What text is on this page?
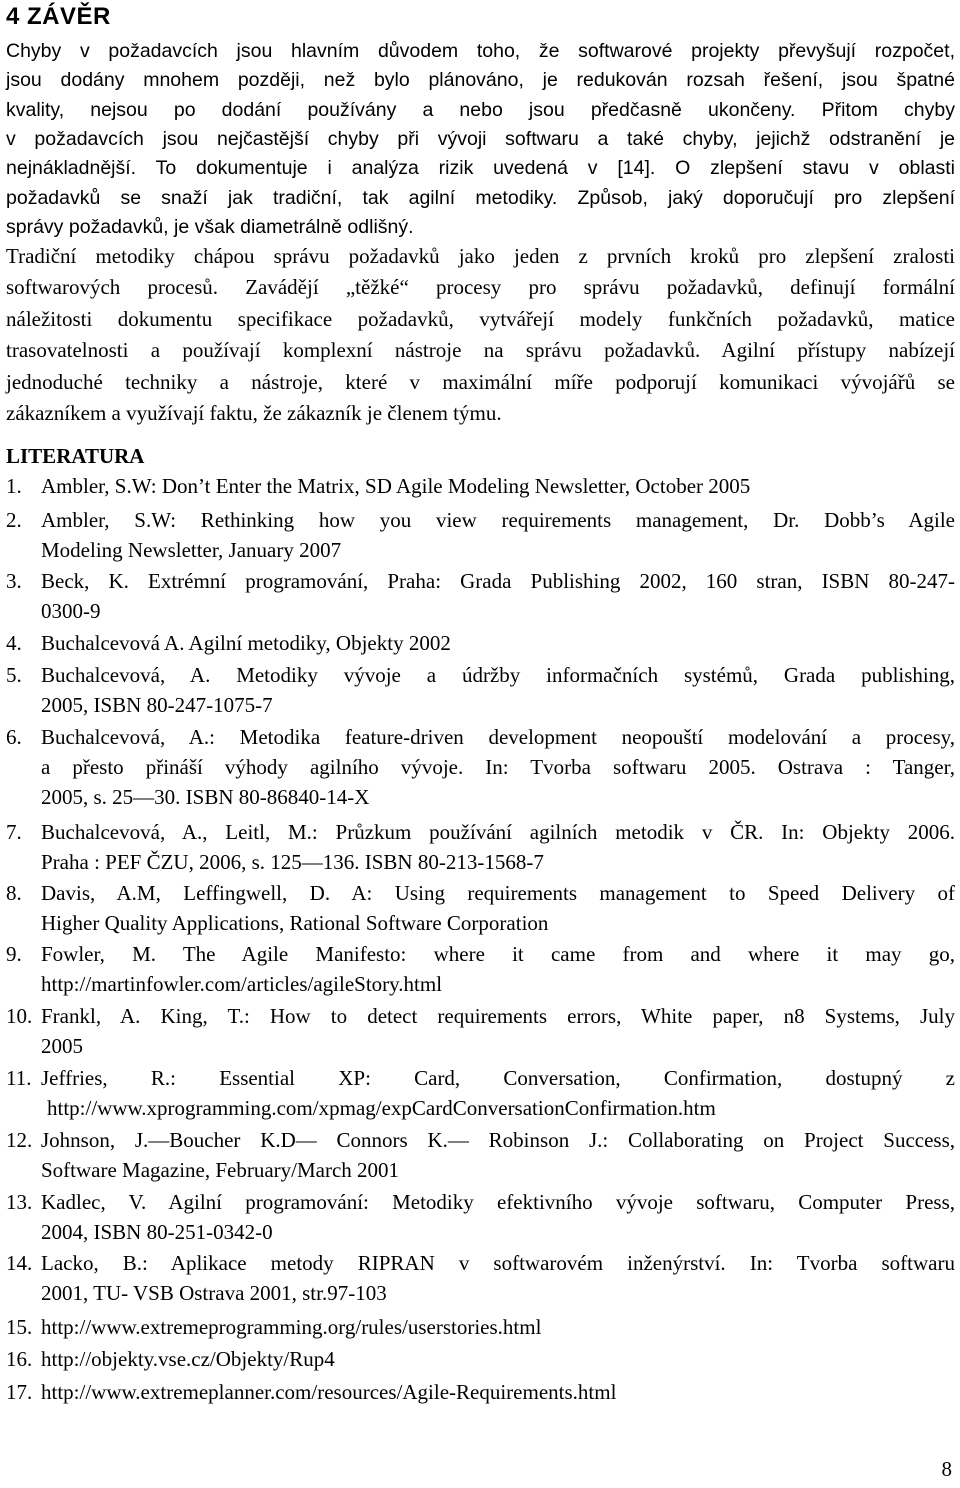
4 ZÁVĚR
Chyby v požadavcích jsou hlavním důvodem toho, že softwarové projekty převyšují rozpočet,
jsou dodány mnohem později, než bylo plánováno, je redukován rozsah řešení, jsou špatné
kvality, nejsou po dodání používány a nebo jsou předčasně ukončeny. Přitom chyby
v požadavcích jsou nejčastější chyby při vývoji softwaru a také chyby, jejichž odstranění je
nejnákladnější. To dokumentuje i analýza rizik uvedená v [14]. O zlepšení stavu v oblasti
požadavků se snaží jak tradiční, tak agilní metodiky. Způsob, jaký doporučují pro zlepšení
správy požadavků, je však diametrálně odlišný.
Tradiční metodiky chápou správu požadavků jako jeden z prvních kroků pro zlepšení zralosti
softwarových procesů. Zavádějí „těžké“ procesy pro správu požadavků, definují formální
náležitosti dokumentu specifikace požadavků, vytvářejí modely funkčních požadavků, matice
trasovatelnosti a používají komplexní nástroje na správu požadavků. Agilní přístupy nabízejí
jednoduché techniky a nástroje, které v maximální míře podporují komunikaci vývojářů se
zákazníkem a využívají faktu, že zákazník je členem týmu.
LITERATURA
1. Ambler, S.W: Don’t Enter the Matrix, SD Agile Modeling Newsletter, October 2005
2. Ambler, S.W: Rethinking how you view requirements management, Dr. Dobb’s Agile
Modeling Newsletter, January 2007
3. Beck, K. Extrémní programování, Praha: Grada Publishing 2002, 160 stran, ISBN 80-247-
0300-9
4. Buchalcevová A. Agilní metodiky, Objekty 2002
5. Buchalcevová, A. Metodiky vývoje a údržby informačních systémů, Grada publishing,
2005, ISBN 80-247-1075-7
6. Buchalcevová, A.: Metodika feature-driven development neopouští modelování a procesy,
a přesto přináší výhody agilního vývoje. In: Tvorba softwaru 2005. Ostrava : Tanger,
2005, s. 25—30. ISBN 80-86840-14-X
7. Buchalcevová, A., Leitl, M.: Průzkum používání agilních metodik v ČR. In: Objekty 2006.
Praha : PEF ČZU, 2006, s. 125—136. ISBN 80-213-1568-7
8. Davis, A.M, Leffingwell, D. A: Using requirements management to Speed Delivery of
Higher Quality Applications, Rational Software Corporation
9. Fowler, M. The Agile Manifesto: where it came from and where it may go,
http://martinfowler.com/articles/agileStory.html
10. Frankl, A. King, T.: How to detect requirements errors, White paper, n8 Systems, July
2005
11. Jeffries, R.: Essential XP: Card, Conversation, Confirmation, dostupný z
http://www.xprogramming.com/xpmag/expCardConversationConfirmation.htm
12. Johnson, J.—Boucher K.D— Connors K.— Robinson J.: Collaborating on Project Success,
Software Magazine, February/March 2001
13. Kadlec, V. Agilní programování: Metodiky efektivního vývoje softwaru, Computer Press,
2004, ISBN 80-251-0342-0
14. Lacko, B.: Aplikace metody RIPRAN v softwarovém inženýrství. In: Tvorba softwaru
2001, TU- VSB Ostrava 2001, str.97-103
15. http://www.extremeprogramming.org/rules/userstories.html
16. http://objekty.vse.cz/Objekty/Rup4
17. http://www.extremeplanner.com/resources/Agile-Requirements.html
8
